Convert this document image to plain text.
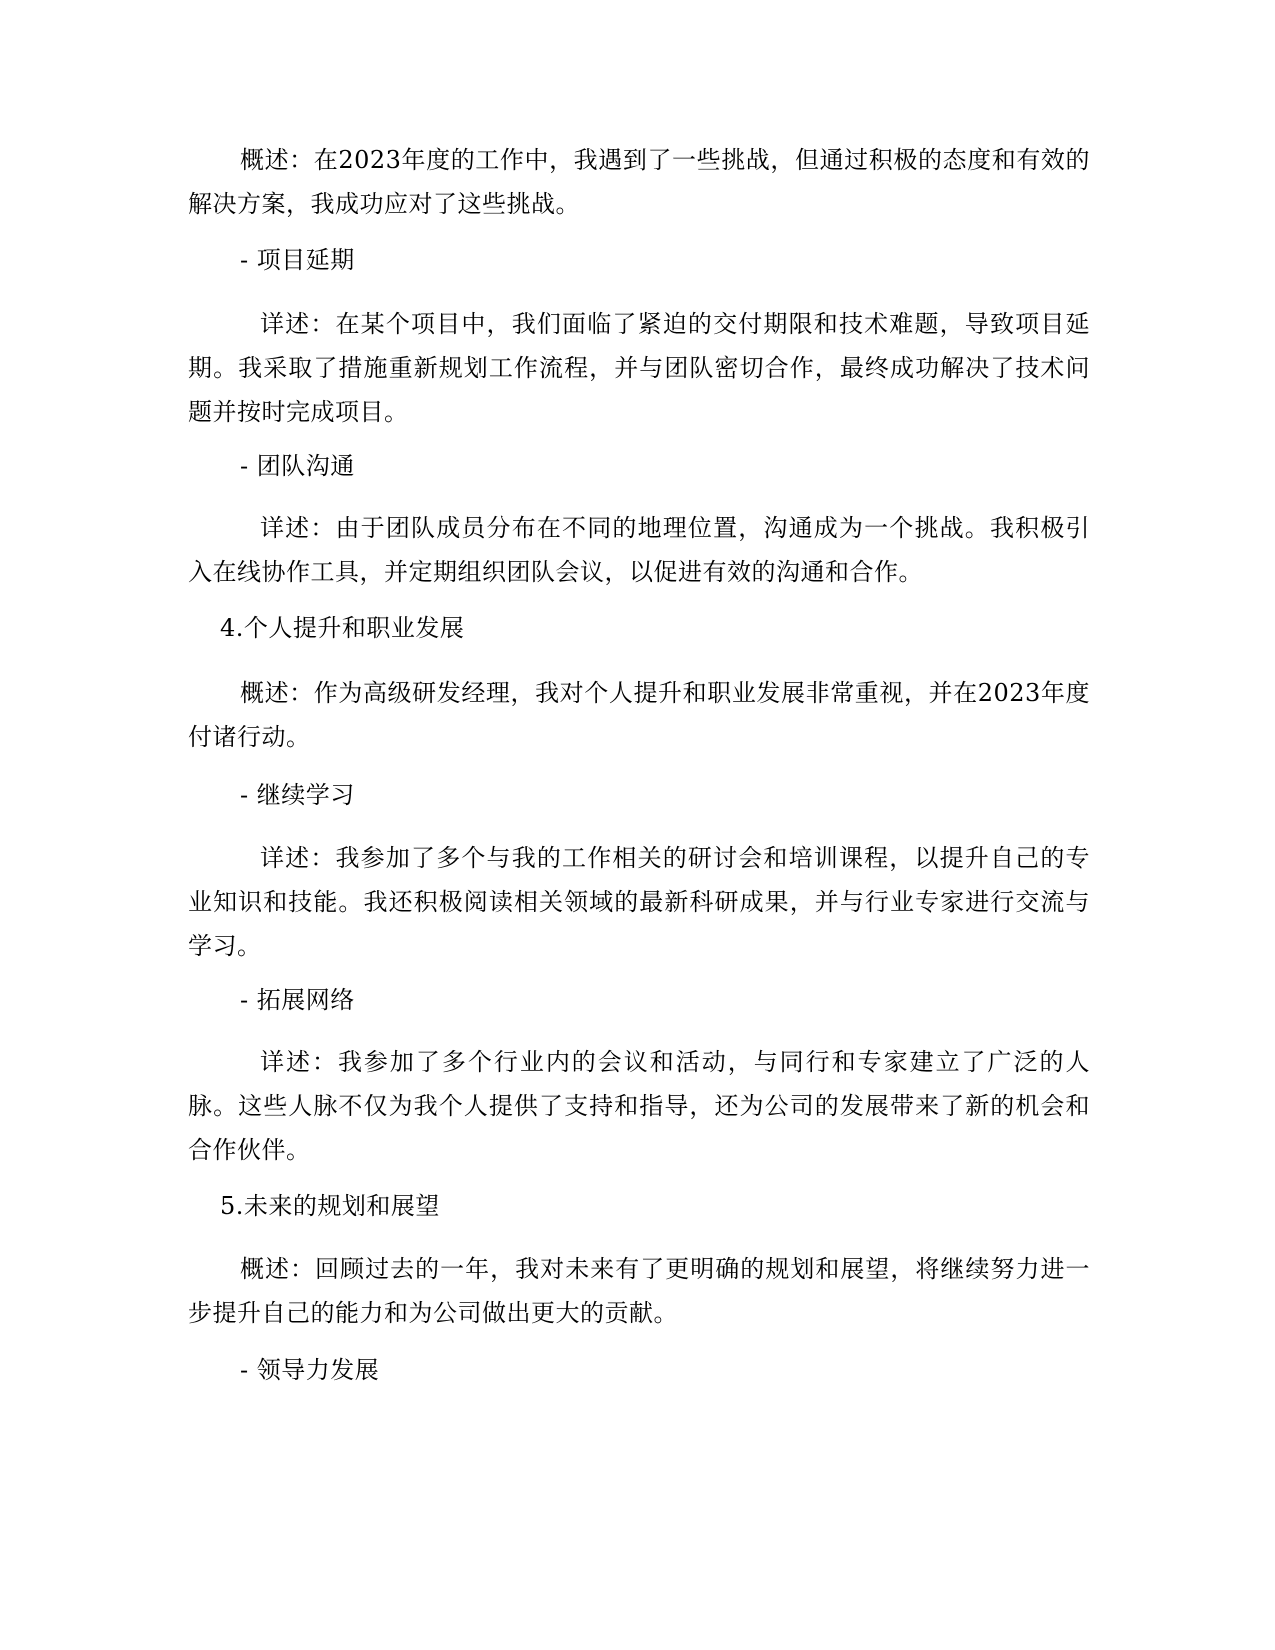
概述：在2023年度的工作中，我遇到了一些挑战，但通过积极的态度和有效的解决方案，我成功应对了这些挑战。

- 项目延期

详述：在某个项目中，我们面临了紧迫的交付期限和技术难题，导致项目延期。我采取了措施重新规划工作流程，并与团队密切合作，最终成功解决了技术问题并按时完成项目。

- 团队沟通

详述：由于团队成员分布在不同的地理位置，沟通成为一个挑战。我积极引入在线协作工具，并定期组织团队会议，以促进有效的沟通和合作。

4.个人提升和职业发展

概述：作为高级研发经理，我对个人提升和职业发展非常重视，并在2023年度付诸行动。

- 继续学习

详述：我参加了多个与我的工作相关的研讨会和培训课程，以提升自己的专业知识和技能。我还积极阅读相关领域的最新科研成果，并与行业专家进行交流与学习。

- 拓展网络

详述：我参加了多个行业内的会议和活动，与同行和专家建立了广泛的人脉。这些人脉不仅为我个人提供了支持和指导，还为公司的发展带来了新的机会和合作伙伴。

5.未来的规划和展望

概述：回顾过去的一年，我对未来有了更明确的规划和展望，将继续努力进一步提升自己的能力和为公司做出更大的贡献。

- 领导力发展
